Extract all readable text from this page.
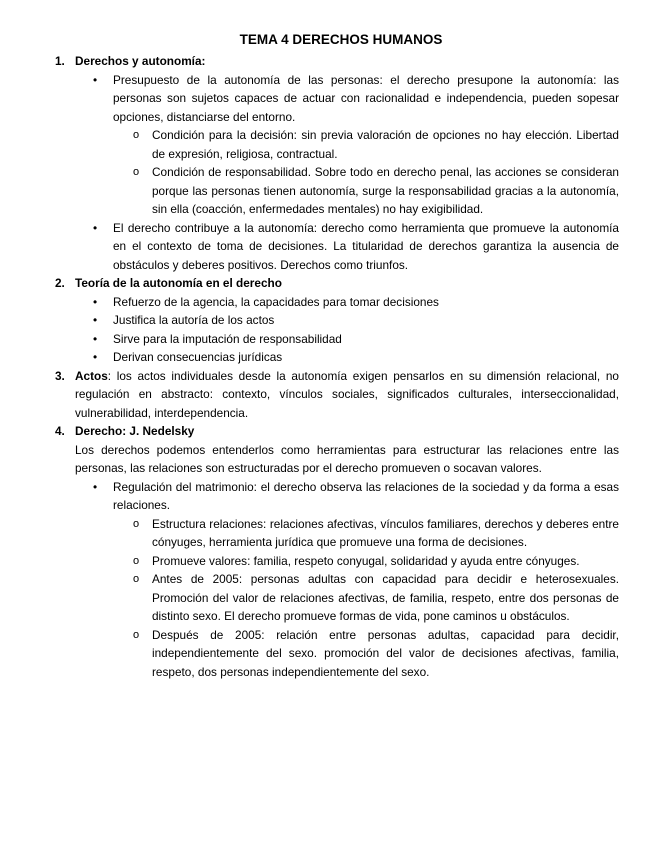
TEMA 4 DERECHOS HUMANOS
1. Derechos y autonomía:
•	Presupuesto de la autonomía de las personas: el derecho presupone la autonomía: las personas son sujetos capaces de actuar con racionalidad e independencia, pueden sopesar opciones, distanciarse del entorno.
o	Condición para la decisión: sin previa valoración de opciones no hay elección. Libertad de expresión, religiosa, contractual.
o	Condición de responsabilidad. Sobre todo en derecho penal, las acciones se consideran porque las personas tienen autonomía, surge la responsabilidad gracias a la autonomía, sin ella (coacción, enfermedades mentales) no hay exigibilidad.
•	El derecho contribuye a la autonomía: derecho como herramienta que promueve la autonomía en el contexto de toma de decisiones. La titularidad de derechos garantiza la ausencia de obstáculos y deberes positivos. Derechos como triunfos.
2. Teoría de la autonomía en el derecho
•	Refuerzo de la agencia, la capacidades para tomar decisiones
•	Justifica la autoría de los actos
•	Sirve para la imputación de responsabilidad
•	Derivan consecuencias jurídicas
3. Actos: los actos individuales desde la autonomía exigen pensarlos en su dimensión relacional, no regulación en abstracto: contexto, vínculos sociales, significados culturales, interseccionalidad, vulnerabilidad, interdependencia.
4. Derecho: J. Nedelsky

Los derechos podemos entenderlos como herramientas para estructurar las relaciones entre las personas, las relaciones son estructuradas por el derecho promueven o socavan valores.

•	Regulación del matrimonio: el derecho observa las relaciones de la sociedad y da forma a esas relaciones.
o	Estructura relaciones: relaciones afectivas, vínculos familiares, derechos y deberes entre cónyuges, herramienta jurídica que promueve una forma de decisiones.
o	Promueve valores: familia, respeto conyugal, solidaridad y ayuda entre cónyuges.
o	Antes de 2005: personas adultas con capacidad para decidir e heterosexuales. Promoción del valor de relaciones afectivas, de familia, respeto, entre dos personas de distinto sexo. El derecho promueve formas de vida, pone caminos u obstáculos.
o	Después de 2005: relación entre personas adultas, capacidad para decidir, independientemente del sexo. promoción del valor de decisiones afectivas, familia, respeto, dos personas independientemente del sexo.
